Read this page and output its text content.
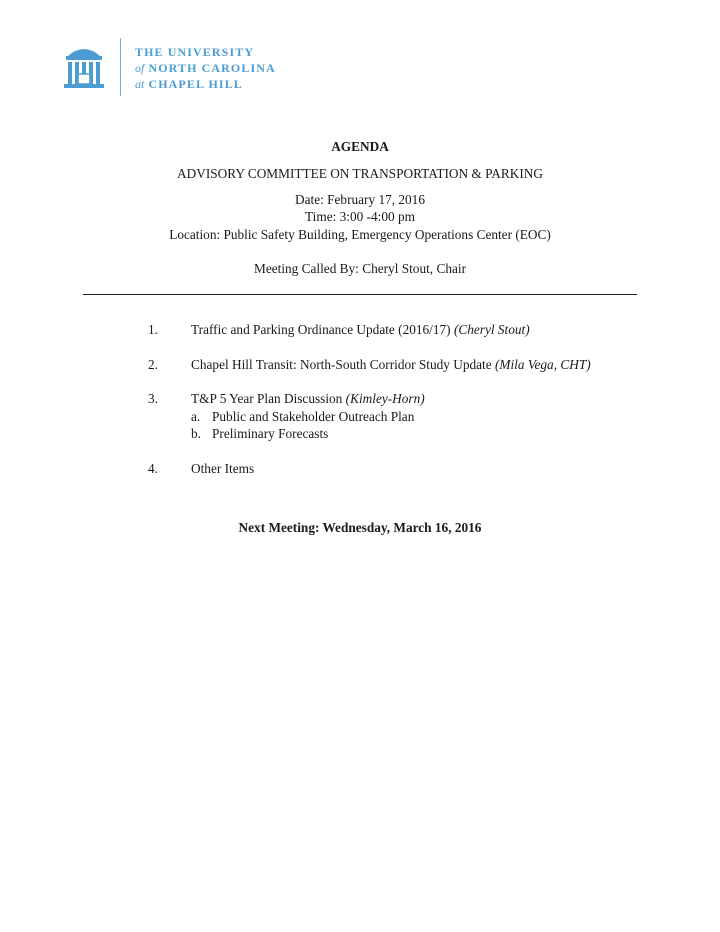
THE UNIVERSITY
of NORTH CAROLINA
at CHAPEL HILL
AGENDA
ADVISORY COMMITTEE ON TRANSPORTATION & PARKING
Date: February 17, 2016
Time: 3:00 -4:00 pm
Location: Public Safety Building, Emergency Operations Center (EOC)
Meeting Called By: Cheryl Stout, Chair
1. Traffic and Parking Ordinance Update (2016/17) (Cheryl Stout)
2. Chapel Hill Transit: North-South Corridor Study Update (Mila Vega, CHT)
3. T&P 5 Year Plan Discussion (Kimley-Horn)
a. Public and Stakeholder Outreach Plan
b. Preliminary Forecasts
4. Other Items
Next Meeting: Wednesday, March 16, 2016
